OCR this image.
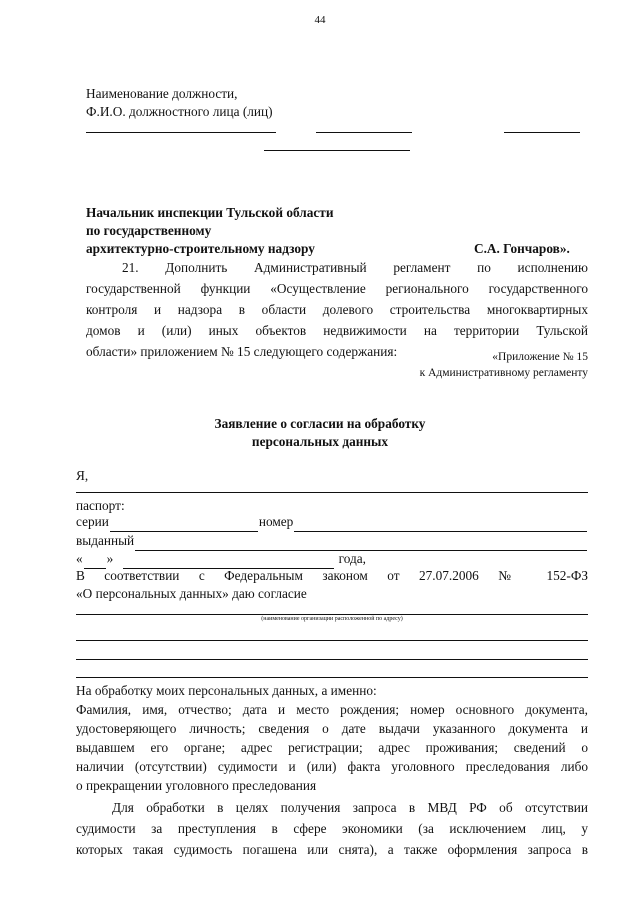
44
Наименование должности,
Ф.И.О. должностного лица (лиц)
Начальник инспекции Тульской области
по государственному
архитектурно-строительному надзору	С.А. Гончаров».
21. Дополнить Административный регламент по исполнению
государственной функции «Осуществление регионального государственного
контроля и надзора в области долевого строительства многоквартирных
домов и (или) иных объектов недвижимости на территории Тульской
области» приложением № 15 следующего содержания:	«Приложение № 15
к Административному регламенту
Заявление о согласии на обработку
персональных данных
Я,
паспорт:
серии	номер
выданный
« »	года,
В соответствии с Федеральным законом от 27.07.2006 № 152-ФЗ
«О персональных данных» даю согласие
(наименование организации расположенной по адресу)
На обработку моих персональных данных, а именно:
Фамилия, имя, отчество; дата и место рождения; номер основного документа,
удостоверяющего личность; сведения о дате выдачи указанного документа и
выдавшем его органе; адрес регистрации; адрес проживания; сведений о
наличии (отсутствии) судимости и (или) факта уголовного преследования либо
о прекращении уголовного преследования
Для обработки в целях получения запроса в МВД РФ об отсутствии
судимости за преступления в сфере экономики (за исключением лиц, у
которых такая судимость погашена или снята), а также оформления запроса в
